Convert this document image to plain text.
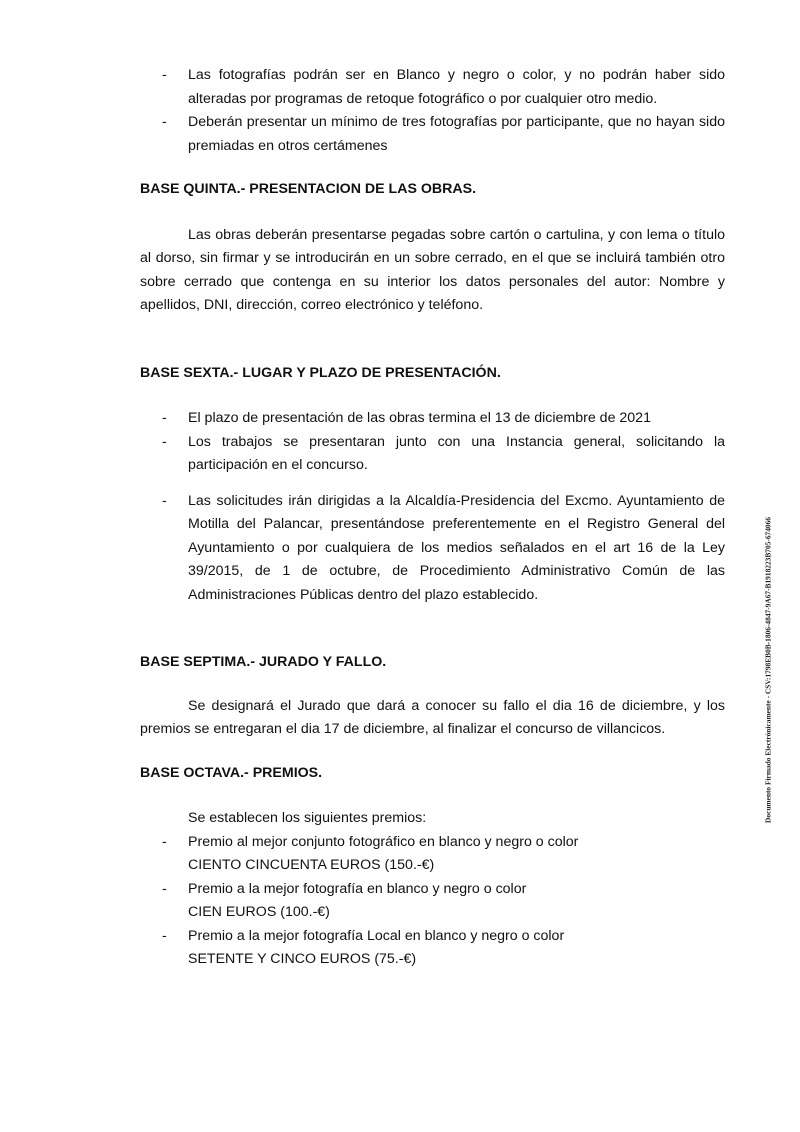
-	Las fotografías podrán ser en Blanco y negro o color, y no podrán haber sido alteradas por programas de retoque fotográfico o por cualquier otro medio.
-	Deberán presentar un mínimo de tres fotografías por participante, que no hayan sido premiadas en otros certámenes

BASE QUINTA.- PRESENTACION DE LAS OBRAS.

Las obras deberán presentarse pegadas sobre cartón o cartulina, y con lema o título al dorso, sin firmar y se introducirán en un sobre cerrado, en el que se incluirá también otro sobre cerrado que contenga en su interior los datos personales del autor: Nombre y apellidos, DNI, dirección, correo electrónico y teléfono.

BASE SEXTA.- LUGAR Y PLAZO DE PRESENTACIÓN.

-	El plazo de presentación de las obras termina el 13 de diciembre de 2021
-	Los trabajos se presentaran junto con una Instancia general, solicitando la participación en el concurso.
-	Las solicitudes irán dirigidas a la Alcaldía-Presidencia del Excmo. Ayuntamiento de Motilla del Palancar, presentándose preferentemente en el Registro General del Ayuntamiento o por cualquiera de los medios señalados en el art 16 de la Ley 39/2015, de 1 de octubre, de Procedimiento Administrativo Común de las Administraciones Públicas dentro del plazo establecido.

BASE SEPTIMA.- JURADO Y FALLO.

Se designará el Jurado que dará a conocer su fallo el dia 16 de diciembre, y los premios se entregaran el dia 17 de diciembre, al finalizar el concurso de villancicos.

BASE OCTAVA.- PREMIOS.

Se establecen los siguientes premios:

-	Premio al mejor conjunto fotográfico en blanco y negro o color

CIENTO CINCUENTA EUROS (150.-€)

-	Premio a la mejor fotografía en blanco y negro o color

CIEN EUROS (100.-€)

-	Premio a la mejor fotografía Local en blanco y negro o color

SETENTE Y CINCO EUROS (75.-€)

Documento Firmado Electrónicamente - CSV:1798EB0B-1806-4847-9A67-B1918223B705-674066
